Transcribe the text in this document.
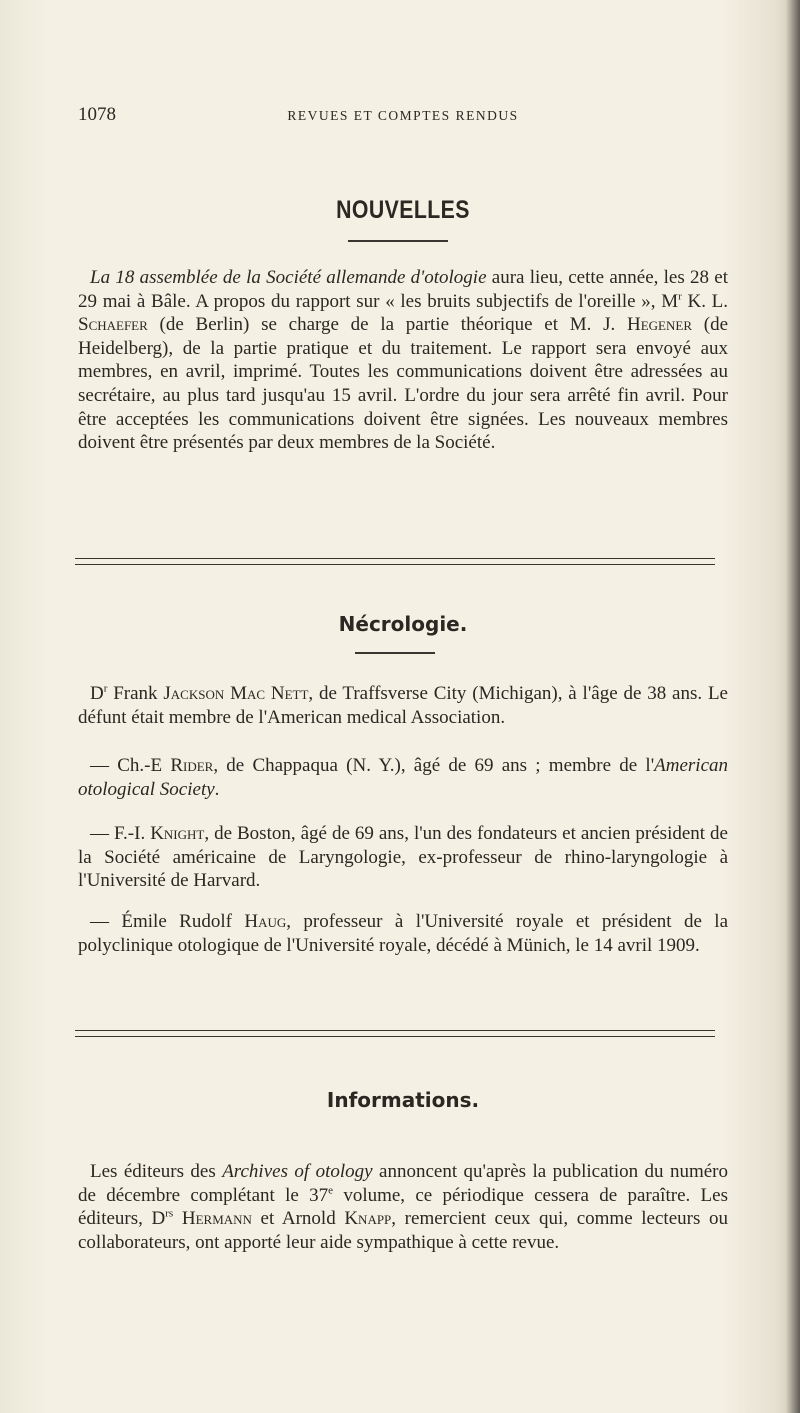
1078	REVUES ET COMPTES RENDUS
NOUVELLES

La 18 assemblée de la Société allemande d'otologie aura lieu, cette année, les 28 et 29 mai à Bâle. A propos du rapport sur « les bruits subjectifs de l'oreille », $M^r$ K. L. Schaefer (de Berlin) se charge de la partie théorique et M. J. Hegener (de Heidelberg), de la partie pratique et du traitement. Le rapport sera envoyé aux membres, en avril, imprimé. Toutes les communications doivent être adressées au secrétaire, au plus tard jusqu'au 15 avril. L'ordre du jour sera arrêté fin avril. Pour être acceptées les communications doivent être signées. Les nouveaux membres doivent être présentés par deux membres de la Société.

Nécrologie.

$D^r$ Frank Jackson Mac Nett, de Traffsverse City (Michigan), à l'âge de 38 ans. Le défunt était membre de l'American medical Association.

— Ch.-E Rider, de Chappaqua (N. Y.), âgé de 69 ans ; membre de l'American otological Society.

— F.-I. Knight, de Boston, âgé de 69 ans, l'un des fondateurs et ancien président de la Société américaine de Laryngologie, ex-professeur de rhino-laryngologie à l'Université de Harvard.

— Émile Rudolf Haug, professeur à l'Université royale et président de la polyclinique otologique de l'Université royale, décédé à Münich, le 14 avril 1909.

Informations.

Les éditeurs des Archives of otology annoncent qu'après la publication du numéro de décembre complétant le 37e volume, ce périodique cessera de paraître. Les éditeurs, $D^{rs}$ Hermann et Arnold Knapp, remercient ceux qui, comme lecteurs ou collaborateurs, ont apporté leur aide sympathique à cette revue.
